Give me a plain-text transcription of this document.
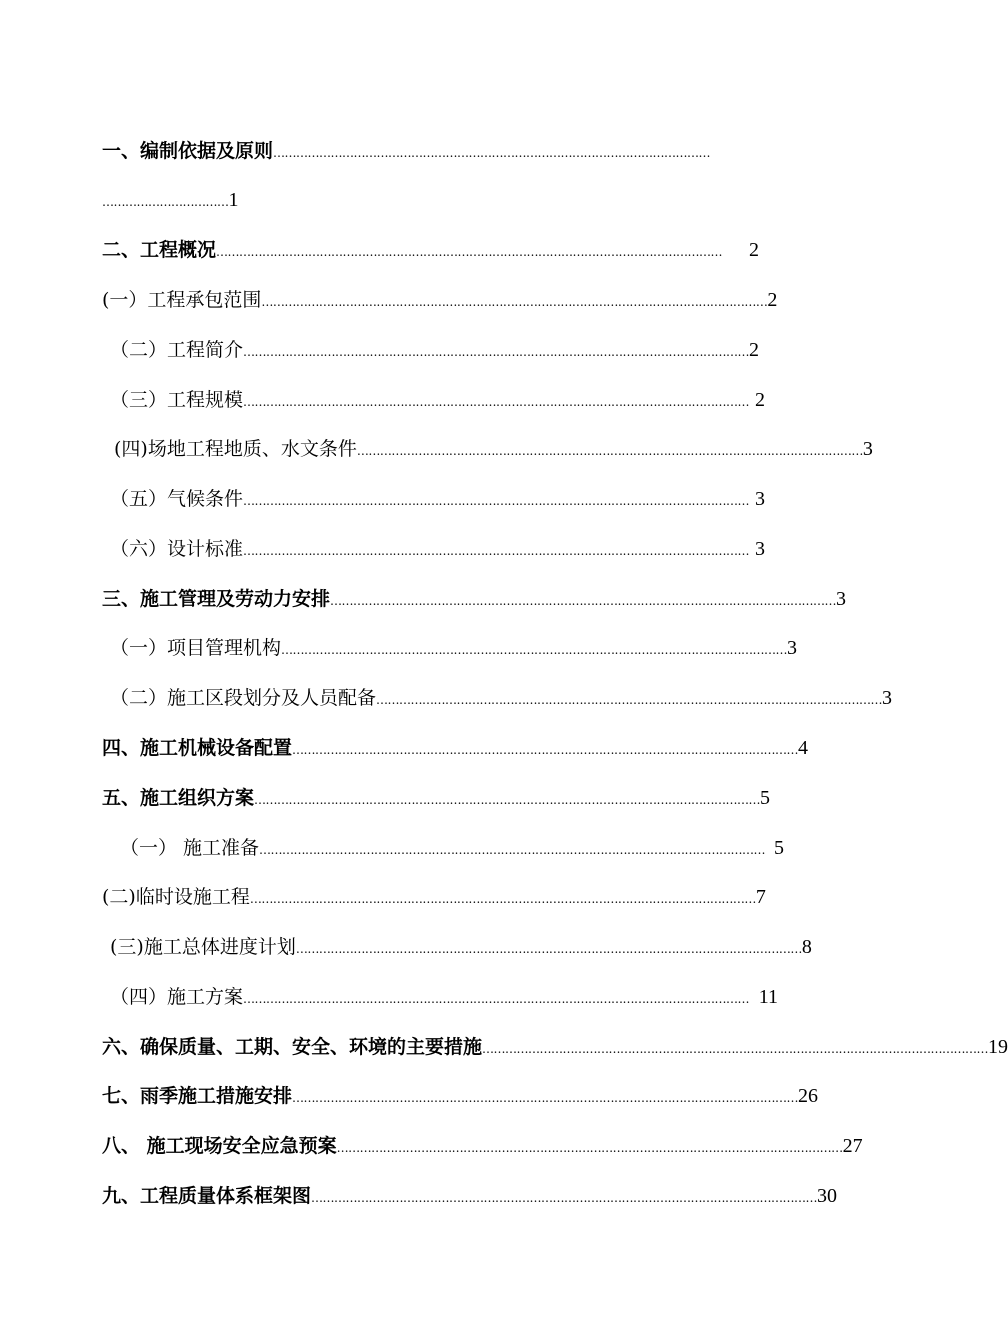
一、编制依据及原则 ……………………………………………………………………………………………………
…………………………… 1
二、工程概况 ……………………………………………………………………………………………………………………	2
(一）工程承包范围 …………………………………………………………………………………………………………………… 2
（二）工程简介 …………………………………………………………………………………………………………………… 2
（三）工程规模 …………………………………………………………………………………………………………………… 2
(四)场地工程地质、水文条件 …………………………………………………………………………………………………………………… 3
（五）气候条件 …………………………………………………………………………………………………………………… 3
（六）设计标准 …………………………………………………………………………………………………………………… 3
三、施工管理及劳动力安排 …………………………………………………………………………………………………………………… 3
（一）项目管理机构 …………………………………………………………………………………………………………………… 3
（二）施工区段划分及人员配备 …………………………………………………………………………………………………………………… 3
四、施工机械设备配置 …………………………………………………………………………………………………………………… 4
五、施工组织方案 …………………………………………………………………………………………………………………… 5
（一） 施工准备 …………………………………………………………………………………………………………………… 5
(二)临时设施工程 …………………………………………………………………………………………………………………… 7
(三)施工总体进度计划 …………………………………………………………………………………………………………………… 8
（四）施工方案 …………………………………………………………………………………………………………………… 11
六、确保质量、工期、安全、环境的主要措施 …………………………………………………………………………………………………………………… 19
七、雨季施工措施安排 …………………………………………………………………………………………………………………… 26
八、 施工现场安全应急预案 …………………………………………………………………………………………………………………… 27
九、工程质量体系框架图 …………………………………………………………………………………………………………………… 30
